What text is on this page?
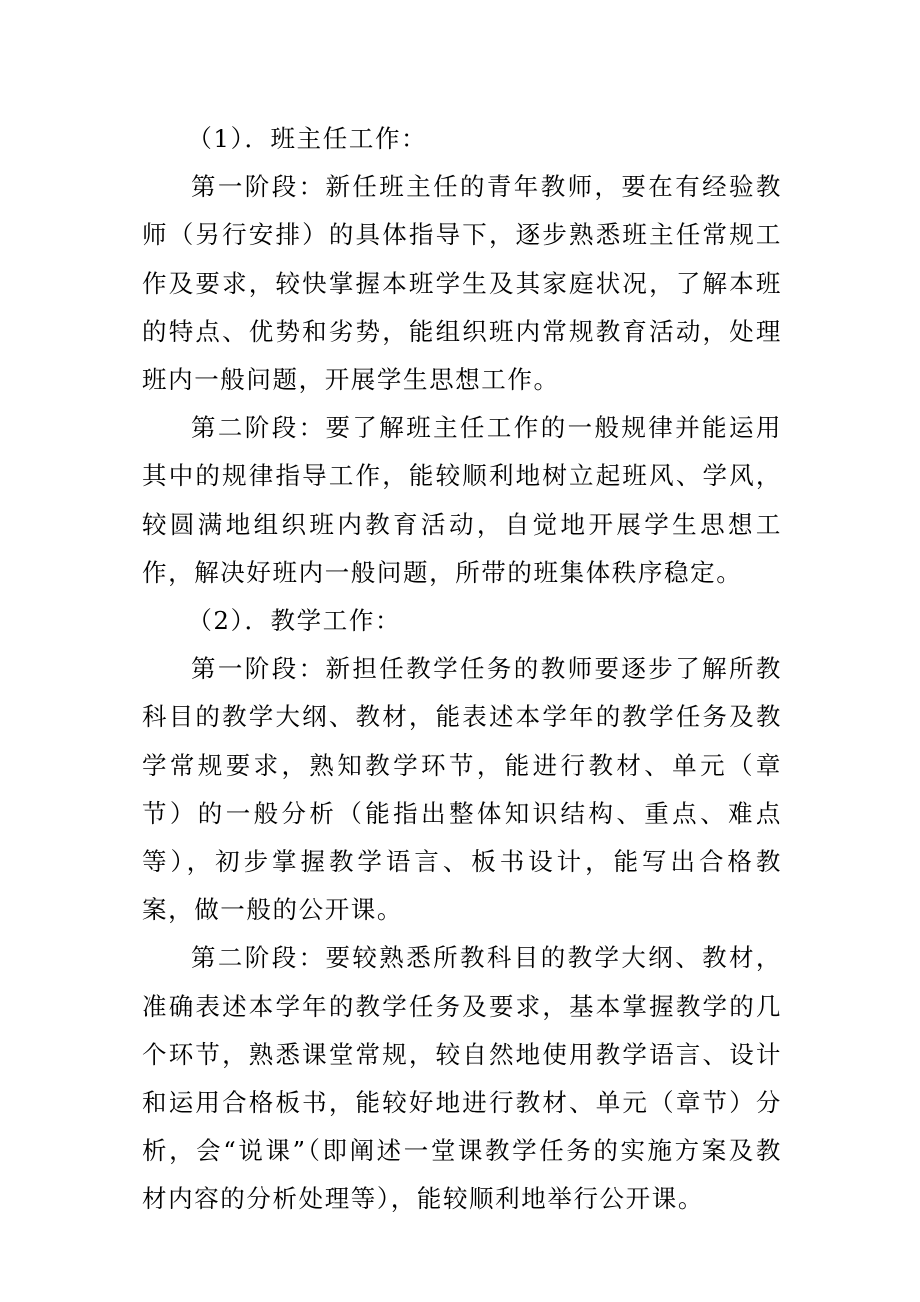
（1）．班主任工作：

第一阶段：新任班主任的青年教师，要在有经验教师（另行安排）的具体指导下，逐步熟悉班主任常规工作及要求，较快掌握本班学生及其家庭状况，了解本班的特点、优势和劣势，能组织班内常规教育活动，处理班内一般问题，开展学生思想工作。

第二阶段：要了解班主任工作的一般规律并能运用其中的规律指导工作，能较顺利地树立起班风、学风，较圆满地组织班内教育活动，自觉地开展学生思想工作，解决好班内一般问题，所带的班集体秩序稳定。

（2）．教学工作：

第一阶段：新担任教学任务的教师要逐步了解所教科目的教学大纲、教材，能表述本学年的教学任务及教学常规要求，熟知教学环节，能进行教材、单元（章节）的一般分析（能指出整体知识结构、重点、难点等），初步掌握教学语言、板书设计，能写出合格教案，做一般的公开课。

第二阶段：要较熟悉所教科目的教学大纲、教材，准确表述本学年的教学任务及要求，基本掌握教学的几个环节，熟悉课堂常规，较自然地使用教学语言、设计和运用合格板书，能较好地进行教材、单元（章节）分析，会“说课”（即阐述一堂课教学任务的实施方案及教材内容的分析处理等），能较顺利地举行公开课。
